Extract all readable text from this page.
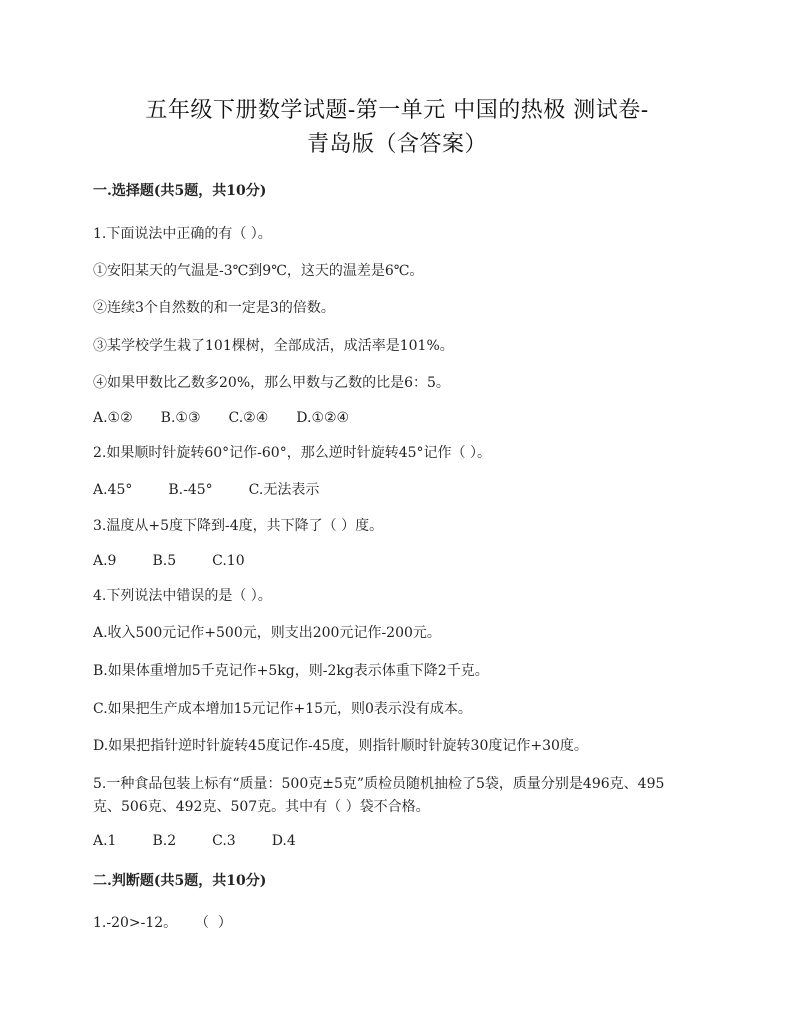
五年级下册数学试题-第一单元 中国的热极 测试卷-
青岛版（含答案）
一.选择题(共5题，共10分)
1.下面说法中正确的有（ ）。
①安阳某天的气温是-3℃到9℃，这天的温差是6℃。
②连续3个自然数的和一定是3的倍数。
③某学校学生栽了101棵树，全部成活，成活率是101%。
④如果甲数比乙数多20%，那么甲数与乙数的比是6：5。
A.①② B.①③ C.②④ D.①②④
2.如果顺时针旋转60°记作-60°，那么逆时针旋转45°记作（ ）。
A.45°	B.-45°	C.无法表示
3.温度从+5度下降到-4度，共下降了（ ）度。
A.9	B.5	C.10
4.下列说法中错误的是（ ）。
A.收入500元记作+500元，则支出200元记作-200元。
B.如果体重增加5千克记作+5kg，则-2kg表示体重下降2千克。
C.如果把生产成本增加15元记作+15元，则0表示没有成本。
D.如果把指针逆时针旋转45度记作-45度，则指针顺时针旋转30度记作+30度。
5.一种食品包装上标有“质量：500克±5克”质检员随机抽检了5袋，质量分别是496克、495
克、506克、492克、507克。其中有（ ）袋不合格。
A.1	B.2	C.3	D.4
二.判断题(共5题，共10分)
1.-20>-12。    （  ）
